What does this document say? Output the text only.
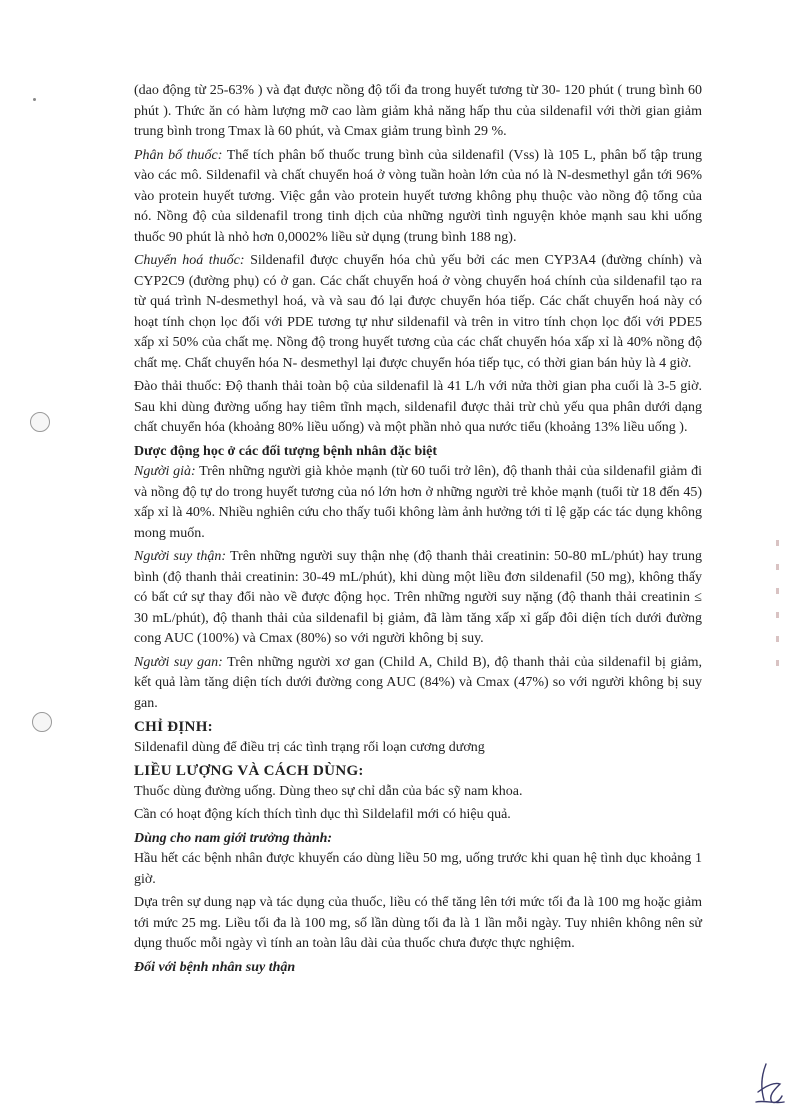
(dao động từ 25-63% ) và đạt được nồng độ tối đa trong huyết tương từ 30- 120 phút ( trung bình 60 phút ). Thức ăn có hàm lượng mỡ cao làm giảm khả năng hấp thu của sildenafil với thời gian giảm trung bình trong Tmax là 60 phút, và Cmax giảm trung bình 29 %.

Phân bố thuốc: Thể tích phân bố thuốc trung bình của sildenafil (Vss) là 105 L, phân bố tập trung vào các mô. Sildenafil và chất chuyển hoá ở vòng tuần hoàn lớn của nó là N-desmethyl gắn tới 96% vào protein huyết tương. Việc gắn vào protein huyết tương không phụ thuộc vào nồng độ tổng của nó. Nồng độ của sildenafil trong tinh dịch của những người tình nguyện khỏe mạnh sau khi uống thuốc 90 phút là nhỏ hơn 0,0002% liều sử dụng (trung bình 188 ng).

Chuyển hoá thuốc: Sildenafil được chuyển hóa chủ yếu bởi các men CYP3A4 (đường chính) và CYP2C9 (đường phụ) có ở gan. Các chất chuyển hoá ở vòng chuyển hoá chính của sildenafil tạo ra từ quá trình N-desmethyl hoá, và và sau đó lại được chuyển hóa tiếp. Các chất chuyển hoá này có hoạt tính chọn lọc đối với PDE tương tự như sildenafil và trên in vitro tính chọn lọc đối với PDE5 xấp xỉ 50% của chất mẹ. Nồng độ trong huyết tương của các chất chuyển hóa xấp xỉ là 40% nồng độ chất mẹ. Chất chuyển hóa N- desmethyl lại được chuyển hóa tiếp tục, có thời gian bán hủy là 4 giờ.

Đào thải thuốc: Độ thanh thải toàn bộ của sildenafil là 41 L/h với nửa thời gian pha cuối là 3-5 giờ. Sau khi dùng đường uống hay tiêm tĩnh mạch, sildenafil được thải trừ chủ yếu qua phân dưới dạng chất chuyển hóa (khoảng 80% liều uống) và một phần nhỏ qua nước tiểu (khoảng 13% liều uống ).

Dược động học ở các đối tượng bệnh nhân đặc biệt

Người già: Trên những người già khỏe mạnh (từ 60 tuổi trở lên), độ thanh thải của sildenafil giảm đi và nồng độ tự do trong huyết tương của nó lớn hơn ở những người trẻ khỏe mạnh (tuổi từ 18 đến 45) xấp xỉ là 40%. Nhiều nghiên cứu cho thấy tuổi không làm ảnh hưởng tới tỉ lệ gặp các tác dụng không mong muốn.

Người suy thận: Trên những người suy thận nhẹ (độ thanh thải creatinin: 50-80 mL/phút) hay trung bình (độ thanh thải creatinin: 30-49 mL/phút), khi dùng một liều đơn sildenafil (50 mg), không thấy có bất cứ sự thay đổi nào về được động học. Trên những người suy nặng (độ thanh thải creatinin ≤ 30 mL/phút), độ thanh thải của sildenafil bị giảm, đã làm tăng xấp xỉ gấp đôi diện tích dưới đường cong AUC (100%) và Cmax (80%) so với người không bị suy.

Người suy gan: Trên những người xơ gan (Child A, Child B), độ thanh thải của sildenafil bị giảm, kết quả làm tăng diện tích dưới đường cong AUC (84%) và Cmax (47%) so với người không bị suy gan.

CHỈ ĐỊNH:

Sildenafil dùng để điều trị các tình trạng rối loạn cương dương

LIỀU LƯỢNG VÀ CÁCH DÙNG:

Thuốc dùng đường uống. Dùng theo sự chỉ dẫn của bác sỹ nam khoa.

Cần có hoạt động kích thích tình dục thì Sildelafil mới có hiệu quả.

Dùng cho nam giới trưởng thành:

Hầu hết các bệnh nhân được khuyến cáo dùng liều 50 mg, uống trước khi quan hệ tình dục khoảng 1 giờ.

Dựa trên sự dung nạp và tác dụng của thuốc, liều có thể tăng lên tới mức tối đa là 100 mg hoặc giảm tới mức 25 mg. Liều tối đa là 100 mg, số lần dùng tối đa là 1 lần mỗi ngày. Tuy nhiên không nên sử dụng thuốc mỗi ngày vì tính an toàn lâu dài của thuốc chưa được thực nghiệm.

Đối với bệnh nhân suy thận
